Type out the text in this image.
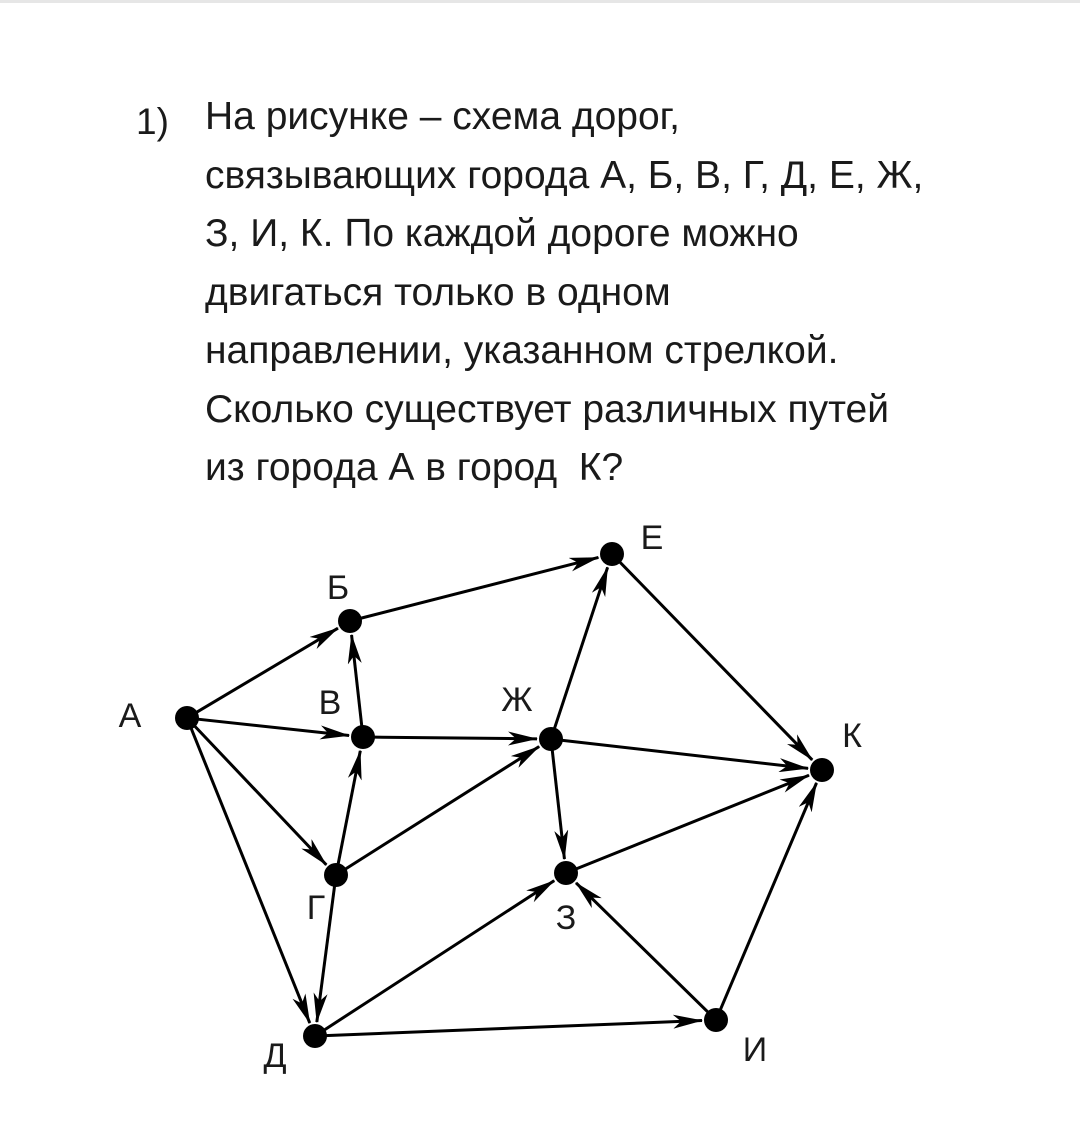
1) На рисунке – схема дорог,
связывающих города А, Б, В, Г, Д, Е, Ж,
З, И, К. По каждой дороге можно
двигаться только в одном
направлении, указанном стрелкой.
Сколько существует различных путей
из города А в город  К?

А
Б
В
Г
Д
Е
Ж
З
И
К
